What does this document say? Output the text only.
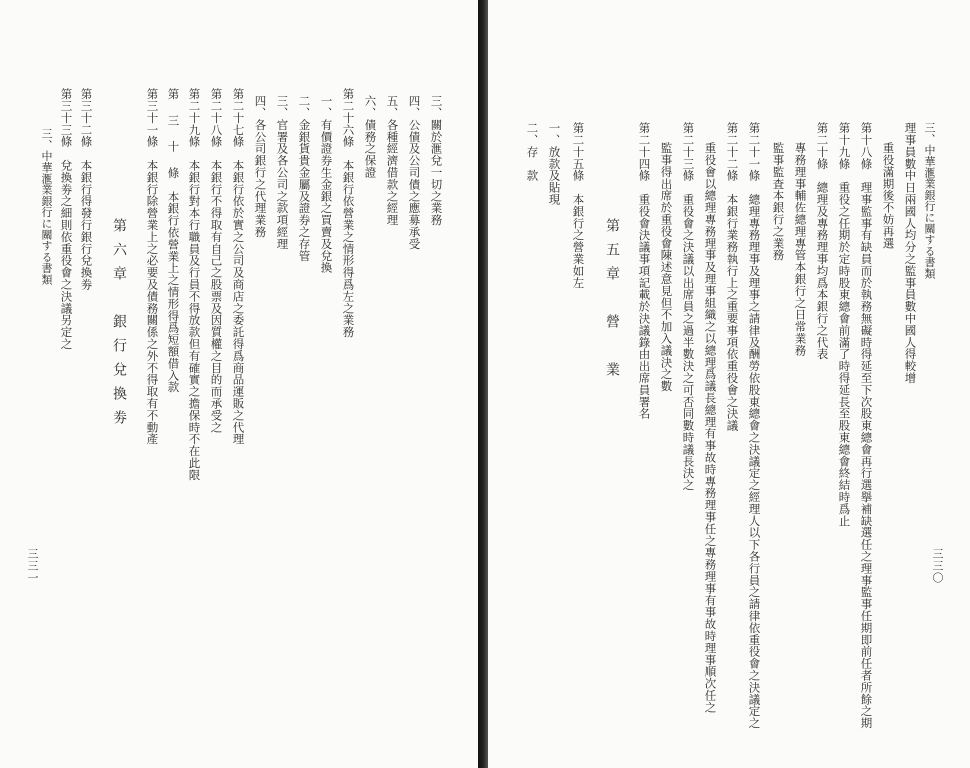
三三一
三、中華滙業銀行に關する書類 第三十三條　兌換劵之細則依重役會之決議另定之 第三十二條　本銀行得發行銀行兌換劵
第六章　銀行兌換劵 第三十一條　本銀行除營業上之必要及債務關係之外不得取有不動產 第 三 十 條　本銀行依營業上之情形得爲短額借入款 第二十九條　本銀行對本行職員及行員不得放款但有確實之擔保時不在此限 第二十八條　本銀行不得取有自己之股票及因質權之目的而承受之 第二十七條　本銀行依於實之公司及商店之委託得爲商品運販之代理 四、各公司銀行之代理業務 三、官署及各公司之款項經理 二、金銀貨貴金屬及證券之存管 一、有價證券生金銀之買賣及兌換 第二十六條　本銀行依營業之情形得爲左之業務 六、債務之保證 五、各種經濟借款之經理 四、公債及公司債之應募承受 三、關於滙兌一切之業務	二、存　款 一、放款及貼現 第二十五條　本銀行之營業如左
第五章　營　業 第二十四條　重役會決議事項記載於決議錄由出席員署名 監事得出席於重役會陳述意見但不加入議決之數 第二十三條　重役會之決議以出席員之過半數決之可否同數時議長決之 重役會以總理專務理事及理事組織之以總理爲議長總理有事故時專務理事任之專務理事有事故時理事順次任之 第二十二條　本銀行業務執行上之重要事項依重役會之決議 第二十一條　總理專務理事及理事之請律及酬勞依股東總會之決議定之經理人以下各行員之請律依重役會之決議定之 監事監査本銀行之業務 專務理事輔佐總理專管本銀行之日常業務 第二十條　總理及專務理事均爲本銀行之代表 第十九條　重役之任期於定時股東總會前滿了時得延長至股東總會終結時爲止 第十八條　理事監事有缺員而於執務無礙時得延至下次股東總會再行選擧補缺選任之理事監事任期即前任者所餘之期 重役滿期後不妨再選 理事員數中日兩國人均分之監事員數中國人得較增 三、中華滙業銀行に關する書類
三三〇
